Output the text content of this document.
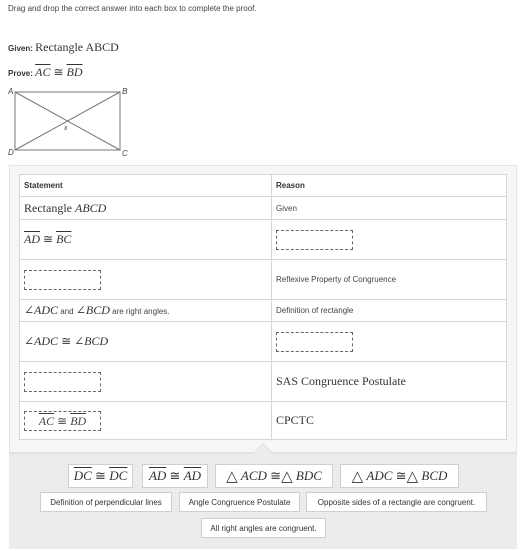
Drag and drop the correct answer into each box to complete the proof.
Given: Rectangle ABCD
Prove: $\overline{AC}$ ≅ $\overline{BD}$
A	B
C
D
x
Statement	Reason
Rectangle ABCD	Given
$\overline{AD}$ ≅ $\overline{BC}$	
	Reflexive Property of Congruence
∠ADC and ∠BCD are right angles.	Definition of rectangle
∠ADC ≅ ∠BCD	
	SAS Congruence Postulate
$\overline{AC}$ ≅ $\overline{BD}$	CPCTC
$\overline{DC}$
≅
$\overline{DC}$ $\overline{AD}$
≅
$\overline{AD}$ △
ACD
≅ △
BDC △
ADC
≅ △
BCD
Definition of perpendicular lines	Angle Congruence Postulate	Opposite sides of a rectangle are congruent.
All right angles are congruent.
